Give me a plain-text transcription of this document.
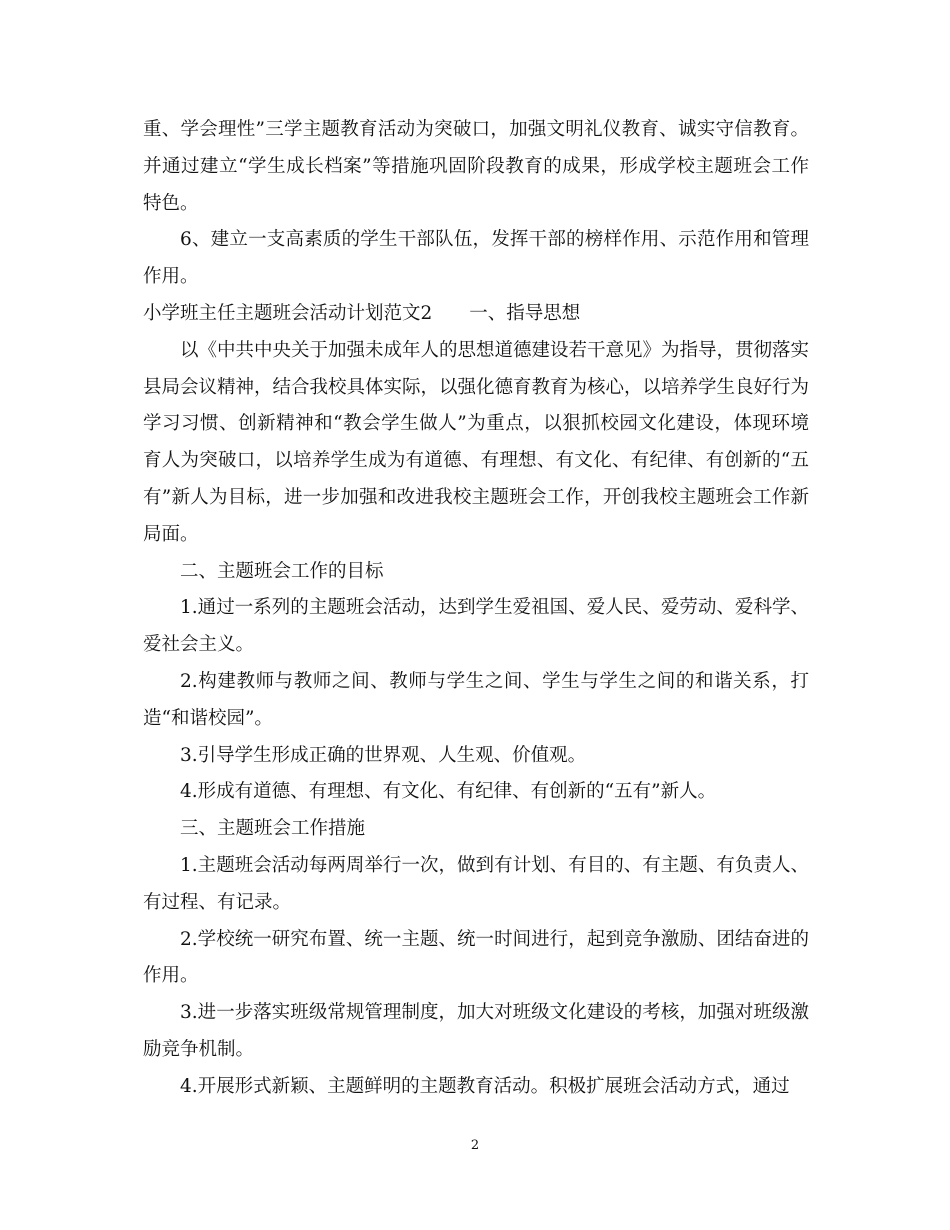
重、学会理性”三学主题教育活动为突破口，加强文明礼仪教育、诚实守信教育。并通过建立“学生成长档案”等措施巩固阶段教育的成果，形成学校主题班会工作特色。

6、建立一支高素质的学生干部队伍，发挥干部的榜样作用、示范作用和管理作用。

小学班主任主题班会活动计划范文2　　一、指导思想

以《中共中央关于加强未成年人的思想道德建设若干意见》为指导，贯彻落实县局会议精神，结合我校具体实际，以强化德育教育为核心，以培养学生良好行为学习习惯、创新精神和“教会学生做人”为重点，以狠抓校园文化建设，体现环境育人为突破口，以培养学生成为有道德、有理想、有文化、有纪律、有创新的“五有”新人为目标，进一步加强和改进我校主题班会工作，开创我校主题班会工作新局面。

二、主题班会工作的目标

1.通过一系列的主题班会活动，达到学生爱祖国、爱人民、爱劳动、爱科学、爱社会主义。

2.构建教师与教师之间、教师与学生之间、学生与学生之间的和谐关系，打造“和谐校园”。

3.引导学生形成正确的世界观、人生观、价值观。

4.形成有道德、有理想、有文化、有纪律、有创新的“五有”新人。

三、主题班会工作措施

1.主题班会活动每两周举行一次，做到有计划、有目的、有主题、有负责人、有过程、有记录。

2.学校统一研究布置、统一主题、统一时间进行，起到竞争激励、团结奋进的作用。

3.进一步落实班级常规管理制度，加大对班级文化建设的考核，加强对班级激励竞争机制。

4.开展形式新颖、主题鲜明的主题教育活动。积极扩展班会活动方式，通过

2
